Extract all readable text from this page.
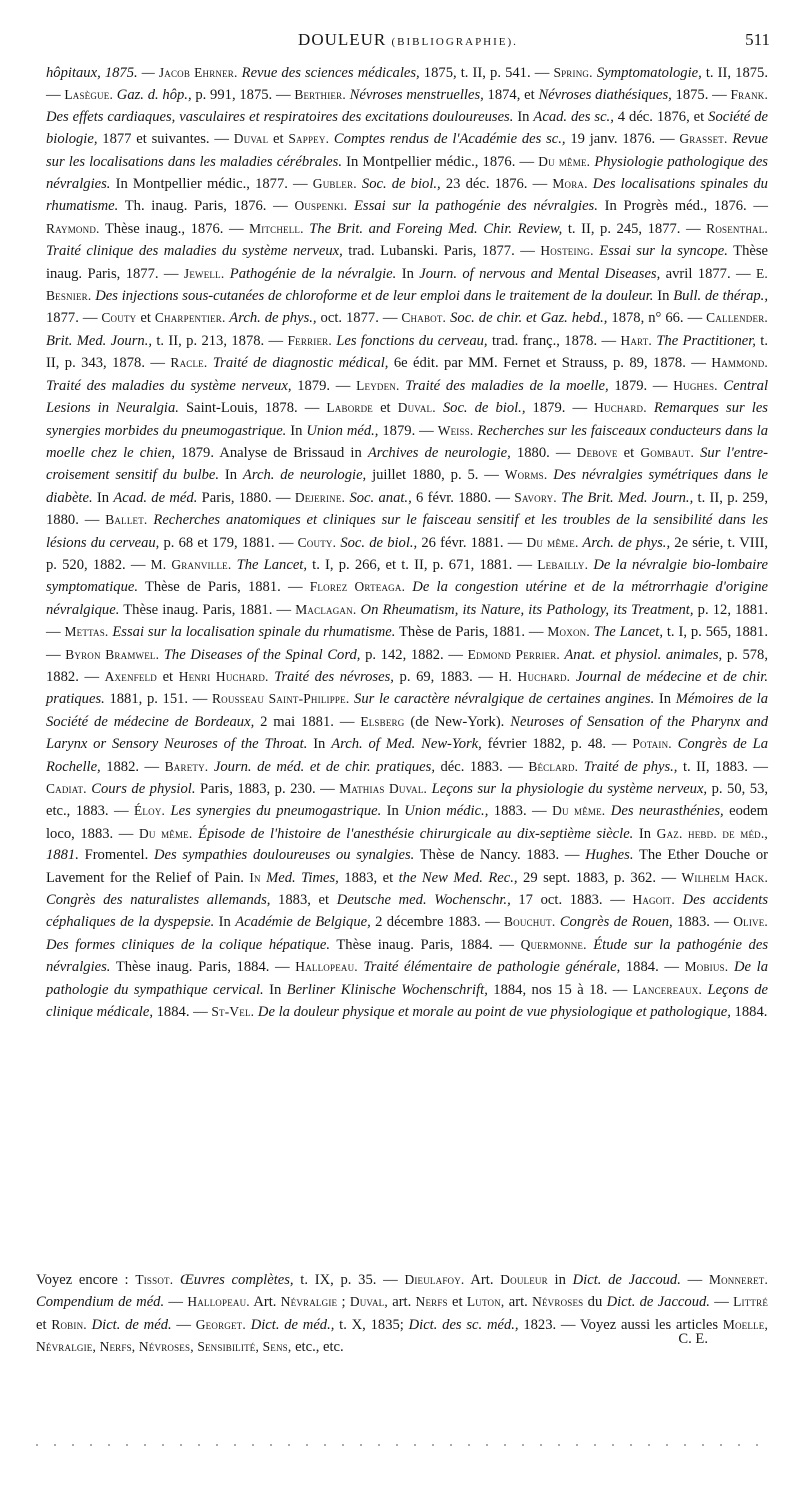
DOULEUR (BIBLIOGRAPHIE).	511
hôpitaux, 1875. — Jacob Ehrner. Revue des sciences médicales, 1875, t. II, p. 541. — Spring. Symptomatologie, t. II, 1875. — Lasègue. Gaz. d. hôp., p. 991, 1875. — Berthier. Névroses menstruelles, 1874, et Névroses diathésiques, 1875. — Frank. Des effets cardiaques, vasculaires et respiratoires des excitations douloureuses. In Acad. des sc., 4 déc. 1876, et Société de biologie, 1877 et suivantes. — Duval et Sappey. Comptes rendus de l'Académie des sc., 19 janv. 1876. — Grasset. Revue sur les localisations dans les maladies cérébrales. In Montpellier médic., 1876. — Du même. Physiologie pathologique des névralgies. In Montpellier médic., 1877. — Gubler. Soc. de biol., 23 déc. 1876. — Mora. Des localisations spinales du rhumatisme. Th. inaug. Paris, 1876. — Ouspenki. Essai sur la pathogénie des névralgies. In Progrès méd., 1876. — Raymond. Thèse inaug., 1876. — Mitchell. The Brit. and Foreing Med. Chir. Review, t. II, p. 245, 1877. — Rosenthal. Traité clinique des maladies du système nerveux, trad. Lubanski. Paris, 1877. — Hosteing. Essai sur la syncope. Thèse inaug. Paris, 1877. — Jewell. Pathogénie de la névralgie. In Journ. of nervous and Mental Diseases, avril 1877. — E. Besnier. Des injections sous-cutanées de chloroforme et de leur emploi dans le traitement de la douleur. In Bull. de thérap., 1877. — Couty et Charpentier. Arch. de phys., oct. 1877. — Chabot. Soc. de chir. et Gaz. hebd., 1878, n° 66. — Callender. Brit. Med. Journ., t. II, p. 213, 1878. — Ferrier. Les fonctions du cerveau, trad. franç., 1878. — Hart. The Practitioner, t. II, p. 343, 1878. — Racle. Traité de diagnostic médical, 6e édit. par MM. Fernet et Strauss, p. 89, 1878. — Hammond. Traité des maladies du système nerveux, 1879. — Leyden. Traité des maladies de la moelle, 1879. — Hughes. Central Lesions in Neuralgia. Saint-Louis, 1878. — Laborde et Duval. Soc. de biol., 1879. — Huchard. Remarques sur les synergies morbides du pneumogastrique. In Union méd., 1879. — Weiss. Recherches sur les faisceaux conducteurs dans la moelle chez le chien, 1879. Analyse de Brissaud in Archives de neurologie, 1880. — Debove et Gombaut. Sur l'entre-croisement sensitif du bulbe. In Arch. de neurologie, juillet 1880, p. 5. — Worms. Des névralgies symétriques dans le diabète. In Acad. de méd. Paris, 1880. — Dejerine. Soc. anat., 6 févr. 1880. — Savory. The Brit. Med. Journ., t. II, p. 259, 1880. — Ballet. Recherches anatomiques et cliniques sur le faisceau sensitif et les troubles de la sensibilité dans les lésions du cerveau, p. 68 et 179, 1881. — Couty. Soc. de biol., 26 févr. 1881. — Du même. Arch. de phys., 2e série, t. VIII, p. 520, 1882. — M. Granville. The Lancet, t. I, p. 266, et t. II, p. 671, 1881. — Lebailly. De la névralgie bio-lombaire symptomatique. Thèse de Paris, 1881. — Florez Orteaga. De la congestion utérine et de la métrorrhagie d'origine névralgique. Thèse inaug. Paris, 1881. — Maclagan. On Rheumatism, its Nature, its Pathology, its Treatment, p. 12, 1881. — Mettas. Essai sur la localisation spinale du rhumatisme. Thèse de Paris, 1881. — Moxon. The Lancet, t. I, p. 565, 1881. — Byron Bramwel. The Diseases of the Spinal Cord, p. 142, 1882. — Edmond Perrier. Anat. et physiol. animales, p. 578, 1882. — Axenfeld et Henri Huchard. Traité des névroses, p. 69, 1883. — H. Huchard. Journal de médecine et de chir. pratiques. 1881, p. 151. — Rousseau Saint-Philippe. Sur le caractère névralgique de certaines angines. In Mémoires de la Société de médecine de Bordeaux, 2 mai 1881. — Elsberg (de New-York). Neuroses of Sensation of the Pharynx and Larynx or Sensory Neuroses of the Throat. In Arch. of Med. New-York, février 1882, p. 48. — Potain. Congrès de La Rochelle, 1882. — Barety. Journ. de méd. et de chir. pratiques, déc. 1883. — Béclard. Traité de phys., t. II, 1883. — Cadiat. Cours de physiol. Paris, 1883, p. 230. — Mathias Duval. Leçons sur la physiologie du système nerveux, p. 50, 53, etc., 1883. — Éloy. Les synergies du pneumogastrique. In Union médic., 1883. — Du même. Des neurasthénies, eodem loco, 1883. — Du même. Épisode de l'histoire de l'anesthésie chirurgicale au dix-septième siècle. In Gaz. hebd. de méd., 1881. Fromentel. Des sympathies douloureuses ou synalgies. Thèse de Nancy. 1883. — Hughes. The Ether Douche or Lavement for the Relief of Pain. In Med. Times, 1883, et the New Med. Rec., 29 sept. 1883, p. 362. — Wilhelm Hack. Congrès des naturalistes allemands, 1883, et Deutsche med. Wochenschr., 17 oct. 1883. — Hagoit. Des accidents céphaliques de la dyspepsie. In Académie de Belgique, 2 décembre 1883. — Bouchut. Congrès de Rouen, 1883. — Olive. Des formes cliniques de la colique hépatique. Thèse inaug. Paris, 1884. — Quermonne. Étude sur la pathogénie des névralgies. Thèse inaug. Paris, 1884. — Hallopeau. Traité élémentaire de pathologie générale, 1884. — Mobius. De la pathologie du sympathique cervical. In Berliner Klinische Wochenschrift, 1884, nos 15 à 18. — Lancereaux. Leçons de clinique médicale, 1884. — St-Vel. De la douleur physique et morale au point de vue physiologique et pathologique, 1884.
Voyez encore : Tissot. Œuvres complètes, t. IX, p. 35. — Dieulafoy. Art. Douleur in Dict. de Jaccoud. — Monneret. Compendium de méd. — Hallopeau. Art. Névralgie ; Duval, art. Nerfs et Luton, art. Névroses du Dict. de Jaccoud. — Littré et Robin. Dict. de méd. — Georget. Dict. de méd., t. X, 1835; Dict. des sc. méd., 1823. — Voyez aussi les articles Moelle, Névralgie, Nerfs, Névroses, Sensibilité, Sens, etc., etc.
C. E.
